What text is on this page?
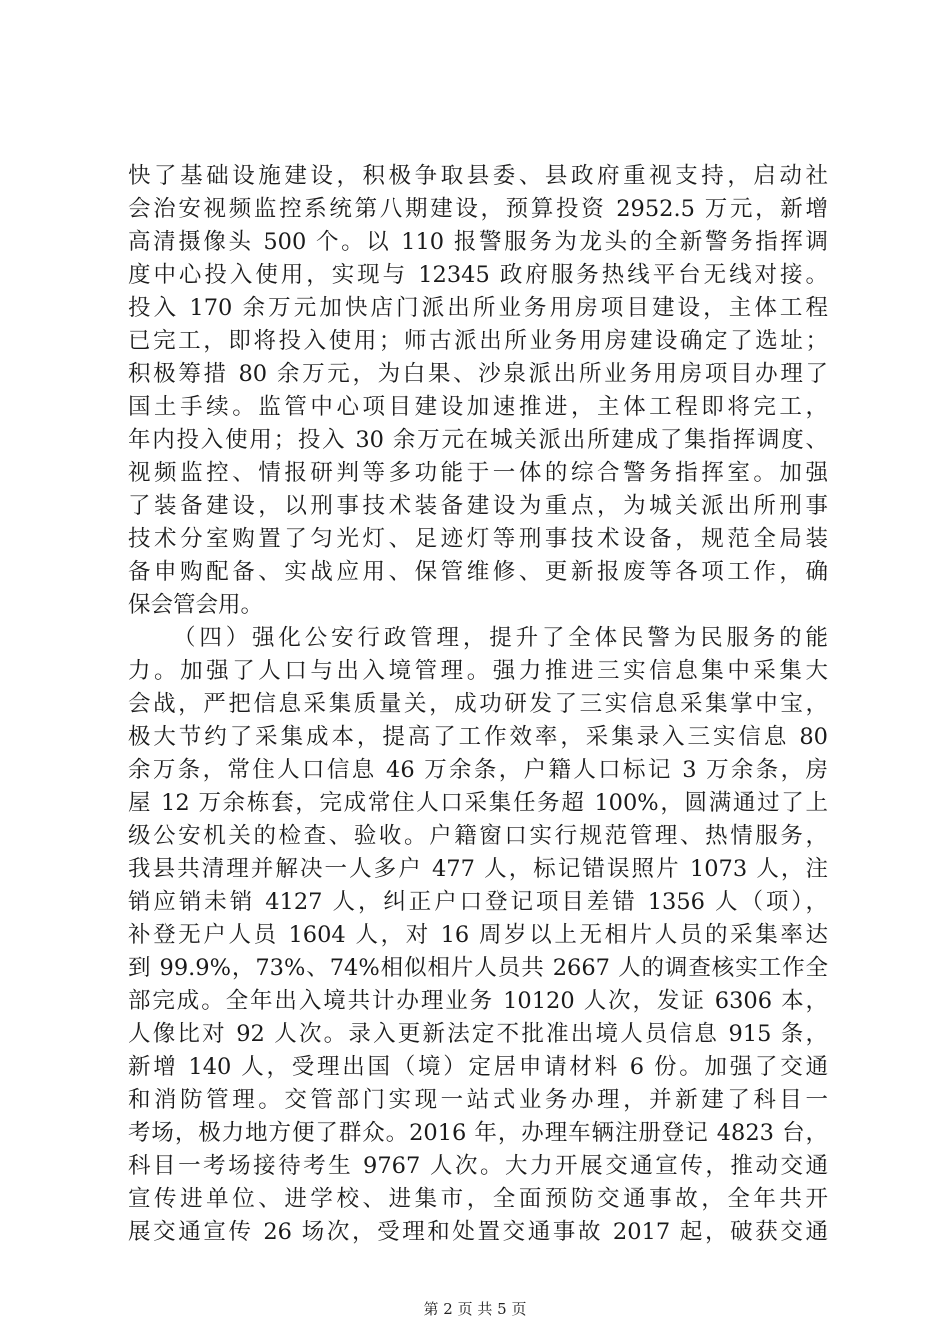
快了基础设施建设，积极争取县委、县政府重视支持，启动社
会治安视频监控系统第八期建设，预算投资 2952.5 万元，新增
高清摄像头 500 个。以 110 报警服务为龙头的全新警务指挥调
度中心投入使用，实现与 12345 政府服务热线平台无线对接。
投入 170 余万元加快店门派出所业务用房项目建设，主体工程
已完工，即将投入使用；师古派出所业务用房建设确定了选址；
积极筹措 80 余万元，为白果、沙泉派出所业务用房项目办理了
国土手续。监管中心项目建设加速推进，主体工程即将完工，
年内投入使用；投入 30 余万元在城关派出所建成了集指挥调度、
视频监控、情报研判等多功能于一体的综合警务指挥室。加强
了装备建设，以刑事技术装备建设为重点，为城关派出所刑事
技术分室购置了匀光灯、足迹灯等刑事技术设备，规范全局装
备申购配备、实战应用、保管维修、更新报废等各项工作，确
保会管会用。
（四）强化公安行政管理，提升了全体民警为民服务的能
力。加强了人口与出入境管理。强力推进三实信息集中采集大
会战，严把信息采集质量关，成功研发了三实信息采集掌中宝，
极大节约了采集成本，提高了工作效率，采集录入三实信息 80
余万条，常住人口信息 46 万余条，户籍人口标记 3 万余条，房
屋 12 万余栋套，完成常住人口采集任务超 100%，圆满通过了上
级公安机关的检查、验收。户籍窗口实行规范管理、热情服务，
我县共清理并解决一人多户 477 人，标记错误照片 1073 人，注
销应销未销 4127 人，纠正户口登记项目差错 1356 人（项），
补登无户人员 1604 人，对 16 周岁以上无相片人员的采集率达
到 99.9%，73%、74%相似相片人员共 2667 人的调查核实工作全
部完成。全年出入境共计办理业务 10120 人次，发证 6306 本，
人像比对 92 人次。录入更新法定不批准出境人员信息 915 条，
新增 140 人，受理出国（境）定居申请材料 6 份。加强了交通
和消防管理。交管部门实现一站式业务办理，并新建了科目一
考场，极力地方便了群众。2016 年，办理车辆注册登记 4823 台，
科目一考场接待考生 9767 人次。大力开展交通宣传，推动交通
宣传进单位、进学校、进集市，全面预防交通事故，全年共开
展交通宣传 26 场次，受理和处置交通事故 2017 起，破获交通
第 2 页 共 5 页
